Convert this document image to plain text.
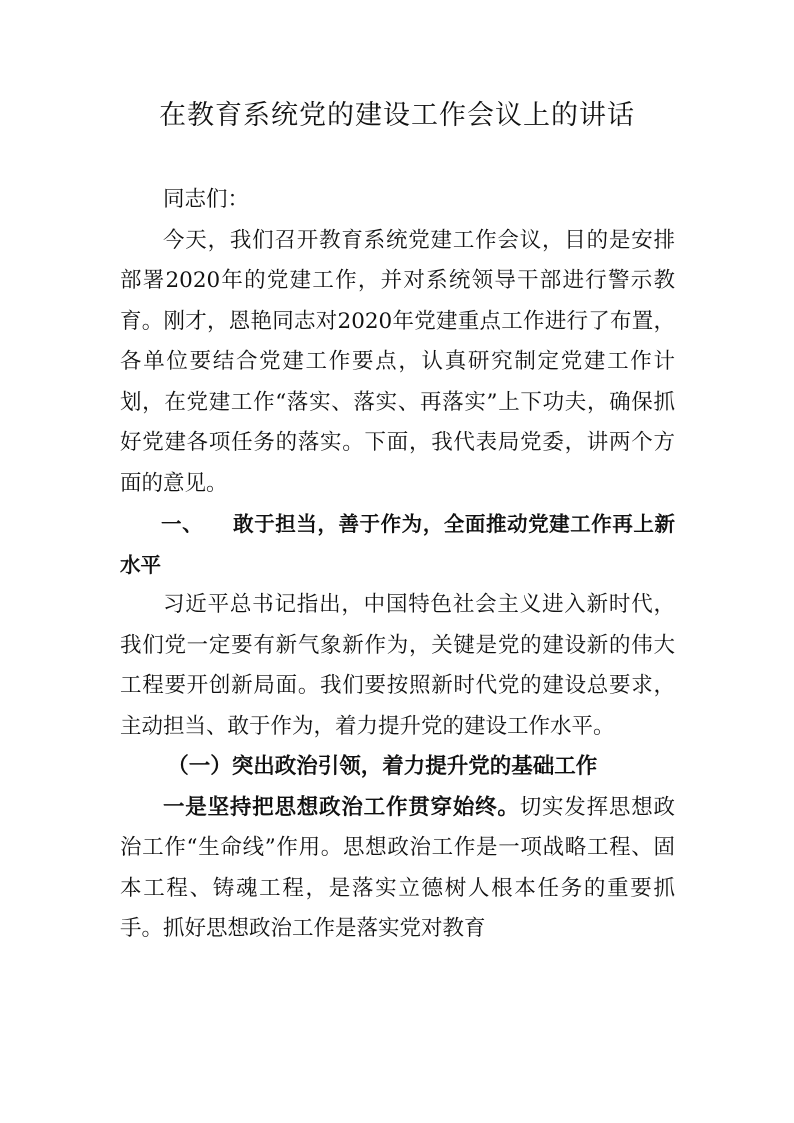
在教育系统党的建设工作会议上的讲话

同志们：

今天，我们召开教育系统党建工作会议，目的是安排部署2020年的党建工作，并对系统领导干部进行警示教育。刚才，恩艳同志对2020年党建重点工作进行了布置，各单位要结合党建工作要点，认真研究制定党建工作计划，在党建工作“落实、落实、再落实”上下功夫，确保抓好党建各项任务的落实。下面，我代表局党委，讲两个方面的意见。

一、 敢于担当，善于作为，全面推动党建工作再上新水平

习近平总书记指出，中国特色社会主义进入新时代，我们党一定要有新气象新作为，关键是党的建设新的伟大工程要开创新局面。我们要按照新时代党的建设总要求，主动担当、敢于作为，着力提升党的建设工作水平。

（一）突出政治引领，着力提升党的基础工作

一是坚持把思想政治工作贯穿始终。切实发挥思想政治工作“生命线”作用。思想政治工作是一项战略工程、固本工程、铸魂工程，是落实立德树人根本任务的重要抓手。抓好思想政治工作是落实党对教育
